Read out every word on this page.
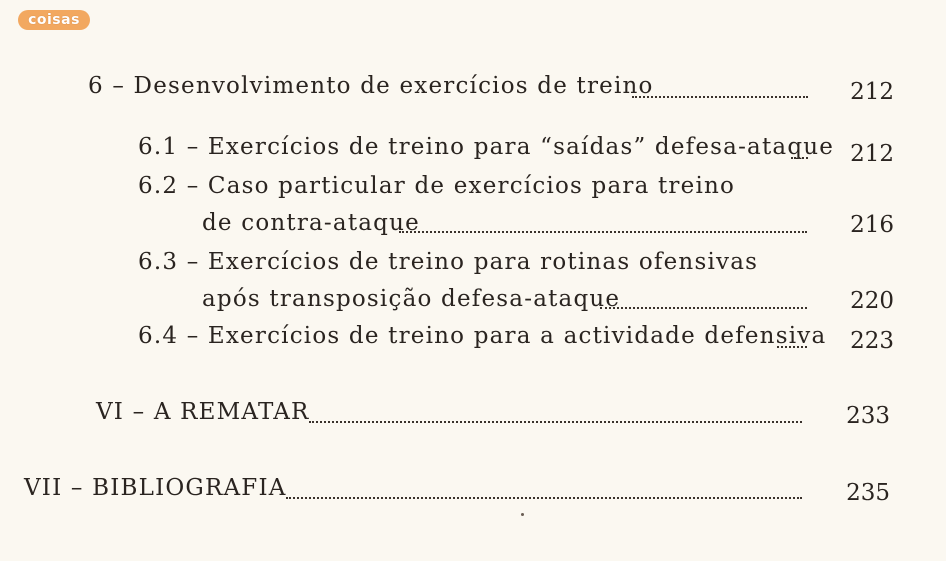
coisas
6 – Desenvolvimento de exercícios de treino	212
6.1 – Exercícios de treino para “saídas” defesa-ataque 212
6.2 – Caso particular de exercícios para treino
de contra-ataque	216
6.3 – Exercícios de treino para rotinas ofensivas
após transposição defesa-ataque	220
6.4 – Exercícios de treino para a actividade defensiva	223
VI – A REMATAR	233
VII – BIBLIOGRAFIA	235
